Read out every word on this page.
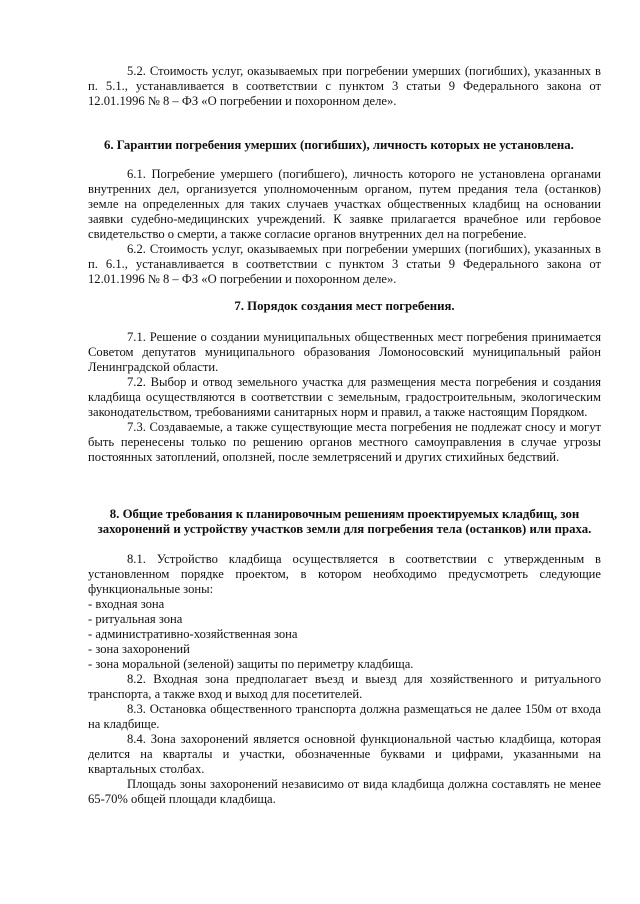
5.2. Стоимость услуг, оказываемых при погребении умерших (погибших), указанных в п. 5.1., устанавливается в соответствии с пунктом 3 статьи 9 Федерального закона от 12.01.1996 № 8 – ФЗ «О погребении и похоронном деле».

6. Гарантии погребения умерших (погибших), личность которых не установлена.

6.1. Погребение умершего (погибшего), личность которого не установлена органами внутренних дел, организуется уполномоченным органом, путем предания тела (останков) земле на определенных для таких случаев участках общественных кладбищ на основании заявки судебно-медицинских учреждений. К заявке прилагается врачебное или гербовое свидетельство о смерти, а также согласие органов внутренних дел на погребение.

6.2. Стоимость услуг, оказываемых при погребении умерших (погибших), указанных в п. 6.1., устанавливается в соответствии с пунктом 3 статьи 9 Федерального закона от 12.01.1996 № 8 – ФЗ «О погребении и похоронном деле».

7. Порядок создания мест погребения.

7.1. Решение о создании муниципальных общественных мест погребения принимается Советом депутатов муниципального образования Ломоносовский муниципальный район Ленинградской области.

7.2. Выбор и отвод земельного участка для размещения места погребения и создания кладбища осуществляются в соответствии с земельным, градостроительным, экологическим законодательством, требованиями санитарных норм и правил, а также настоящим Порядком.

7.3. Создаваемые, а также существующие места погребения не подлежат сносу и могут быть перенесены только по решению органов местного самоуправления в случае угрозы постоянных затоплений, оползней, после землетрясений и других стихийных бедствий.

8. Общие требования к планировочным решениям проектируемых кладбищ, зон
захоронений и устройству участков земли для погребения тела (останков) или праха.

8.1. Устройство кладбища осуществляется в соответствии с утвержденным в установленном порядке проектом, в котором необходимо предусмотреть следующие функциональные зоны:

- входная зона

- ритуальная зона

- административно-хозяйственная зона

- зона захоронений

- зона моральной (зеленой) защиты по периметру кладбища.

8.2. Входная зона предполагает въезд и выезд для хозяйственного и ритуального транспорта, а также вход и выход для посетителей.

8.3. Остановка общественного транспорта должна размещаться не далее 150м от входа на кладбище.

8.4. Зона захоронений является основной функциональной частью кладбища, которая делится на кварталы и участки, обозначенные буквами и цифрами, указанными на квартальных столбах.

Площадь зоны захоронений независимо от вида кладбища должна составлять не менее 65-70% общей площади кладбища.
